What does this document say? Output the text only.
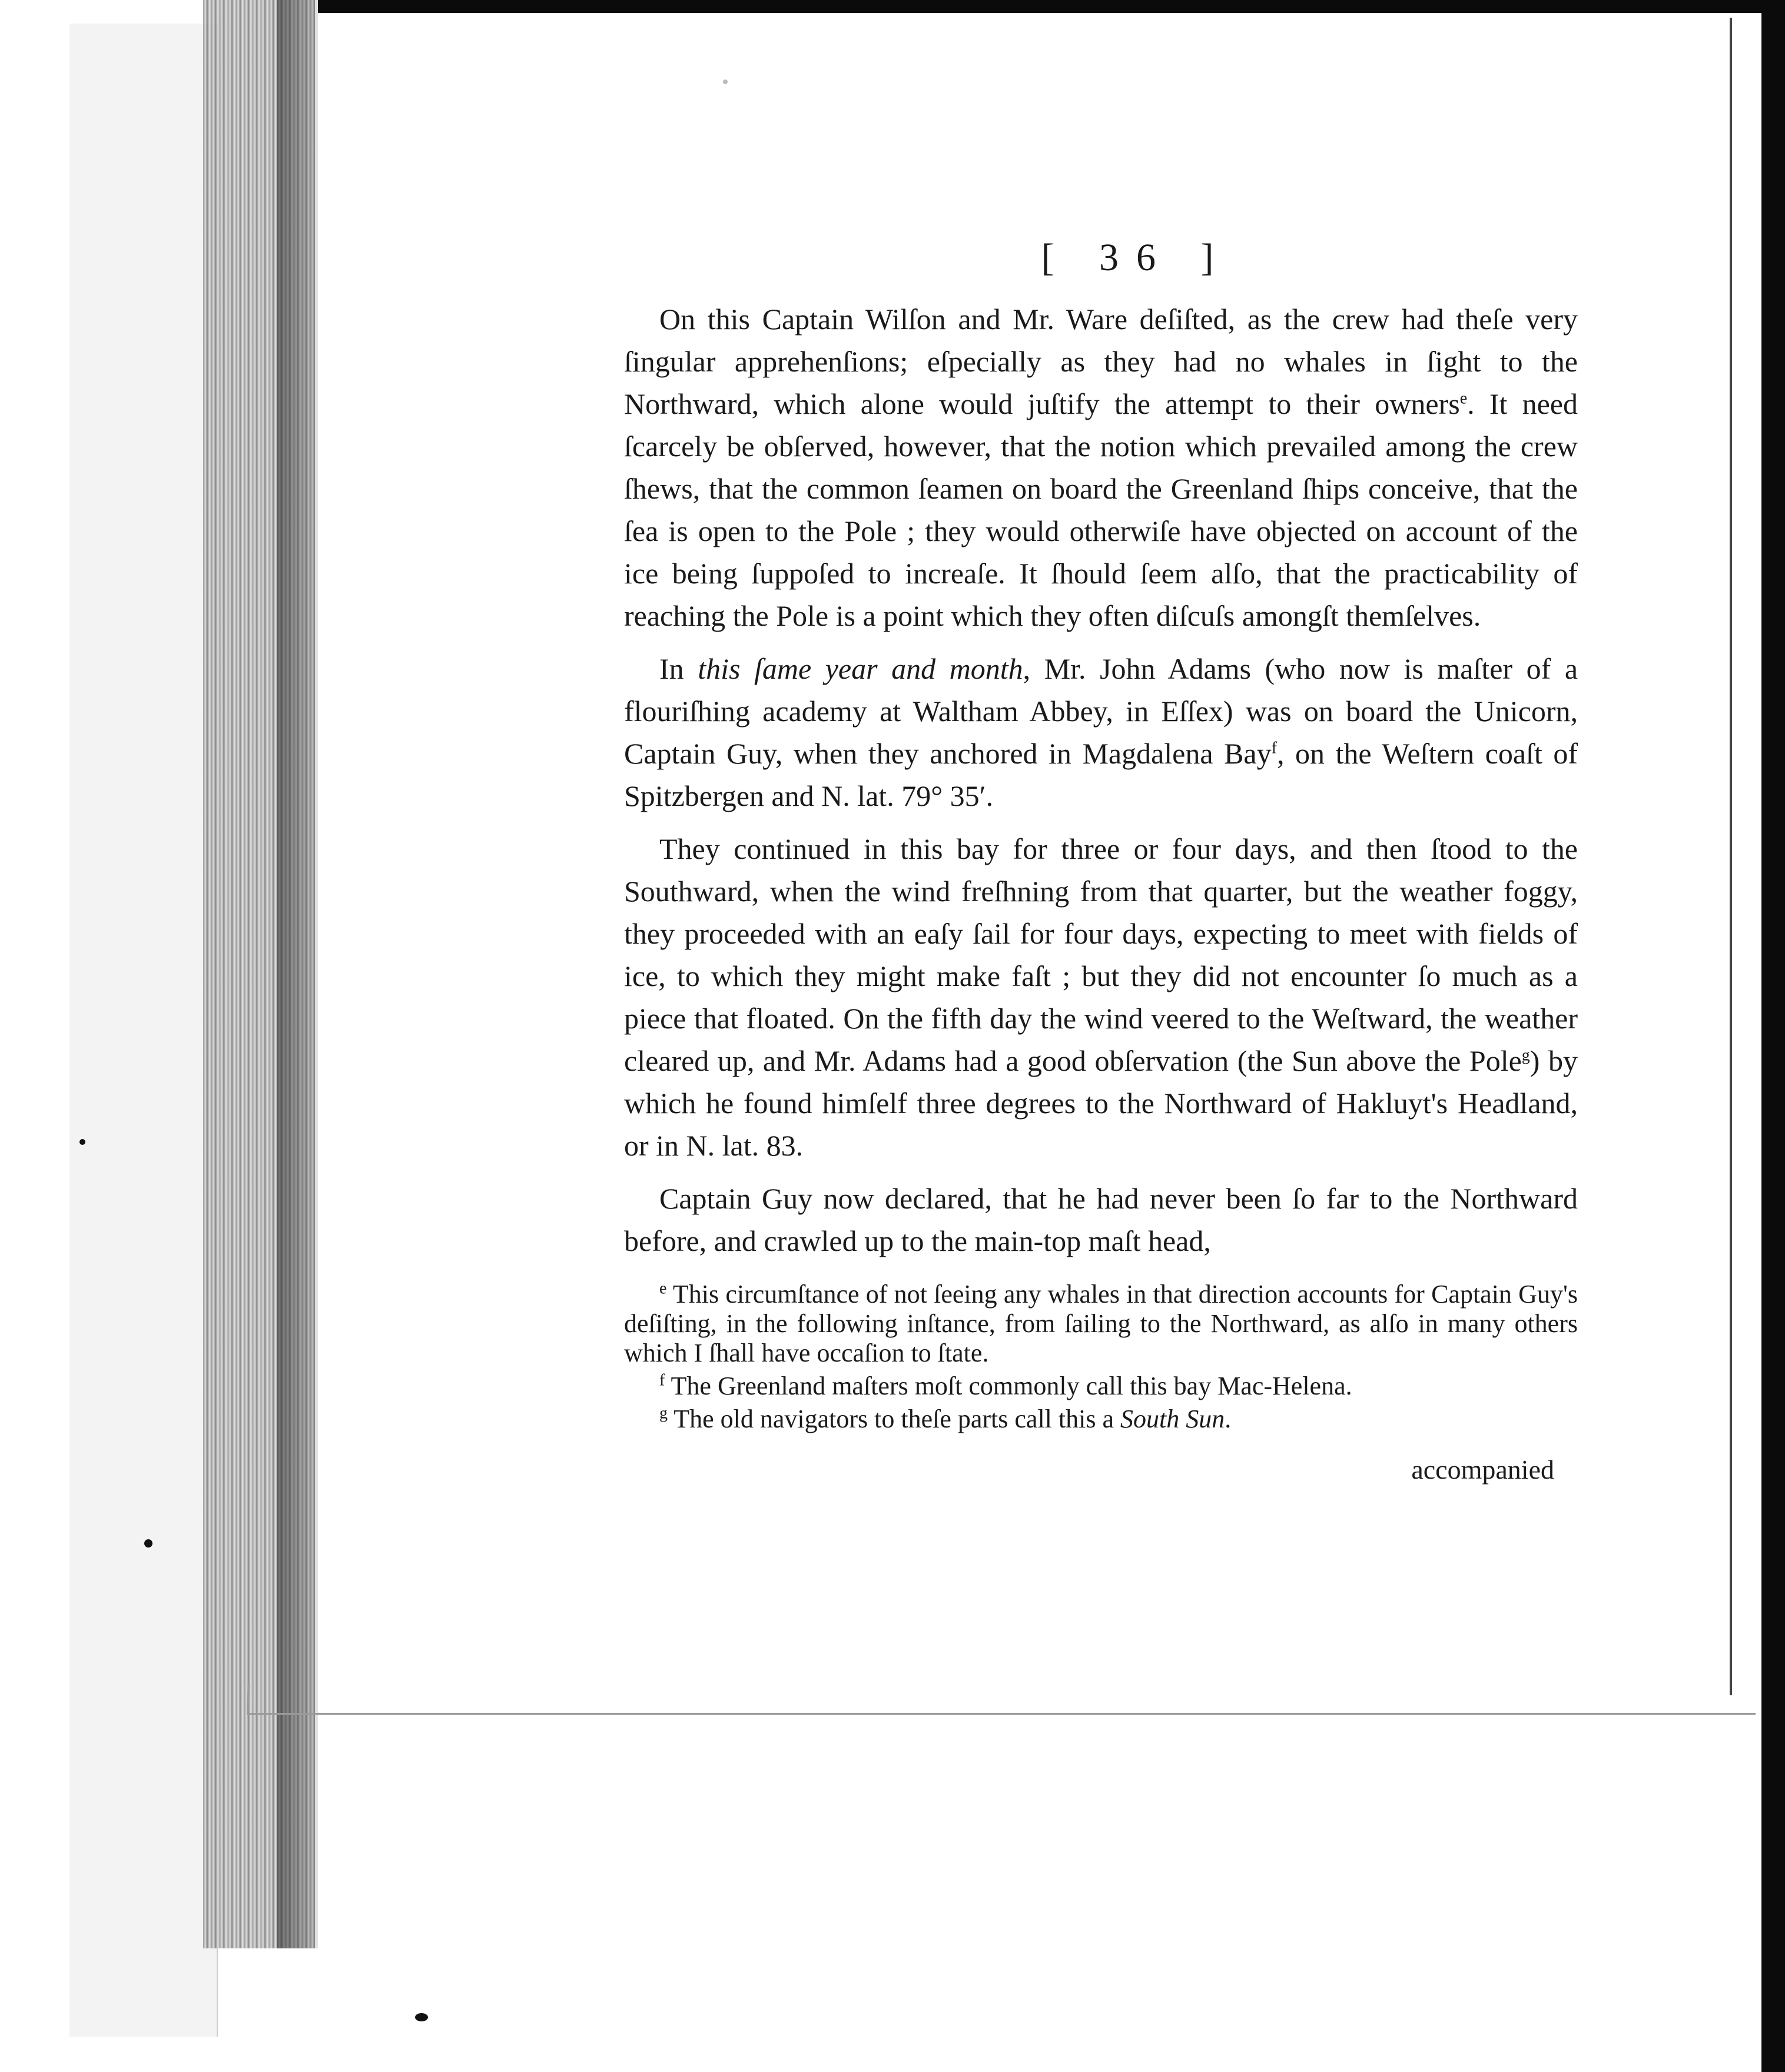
[ 36 ]

On this Captain Wilſon and Mr. Ware deſiſted, as the crew had theſe very ſingular apprehenſions; eſpecially as they had no whales in ſight to the Northward, which alone would juſtify the attempt to their owners$^e$. It need ſcarcely be obſerved, however, that the notion which prevailed among the crew ſhews, that the common ſeamen on board the Greenland ſhips conceive, that the ſea is open to the Pole ; they would otherwiſe have objected on account of the ice being ſuppoſed to increaſe. It ſhould ſeem alſo, that the practicability of reaching the Pole is a point which they often diſcuſs amongſt themſelves.

In this ſame year and month, Mr. John Adams (who now is maſter of a flouriſhing academy at Waltham Abbey, in Eſſex) was on board the Unicorn, Captain Guy, when they anchored in Magdalena Bay$^f$, on the Weſtern coaſt of Spitzbergen and N. lat. 79° 35′.

They continued in this bay for three or four days, and then ſtood to the Southward, when the wind freſhning from that quarter, but the weather foggy, they proceeded with an eaſy ſail for four days, expecting to meet with fields of ice, to which they might make faſt ; but they did not encounter ſo much as a piece that floated. On the fifth day the wind veered to the Weſtward, the weather cleared up, and Mr. Adams had a good obſervation (the Sun above the Pole$^g$) by which he found himſelf three degrees to the Northward of Hakluyt's Headland, or in N. lat. 83.

Captain Guy now declared, that he had never been ſo far to the Northward before, and crawled up to the main-top maſt head,

$^e$ This circumſtance of not ſeeing any whales in that direction accounts for Captain Guy's deſiſting, in the following inſtance, from ſailing to the Northward, as alſo in many others which I ſhall have occaſion to ſtate.

$^f$ The Greenland maſters moſt commonly call this bay Mac-Helena.

$^g$ The old navigators to theſe parts call this a South Sun.

accompanied
